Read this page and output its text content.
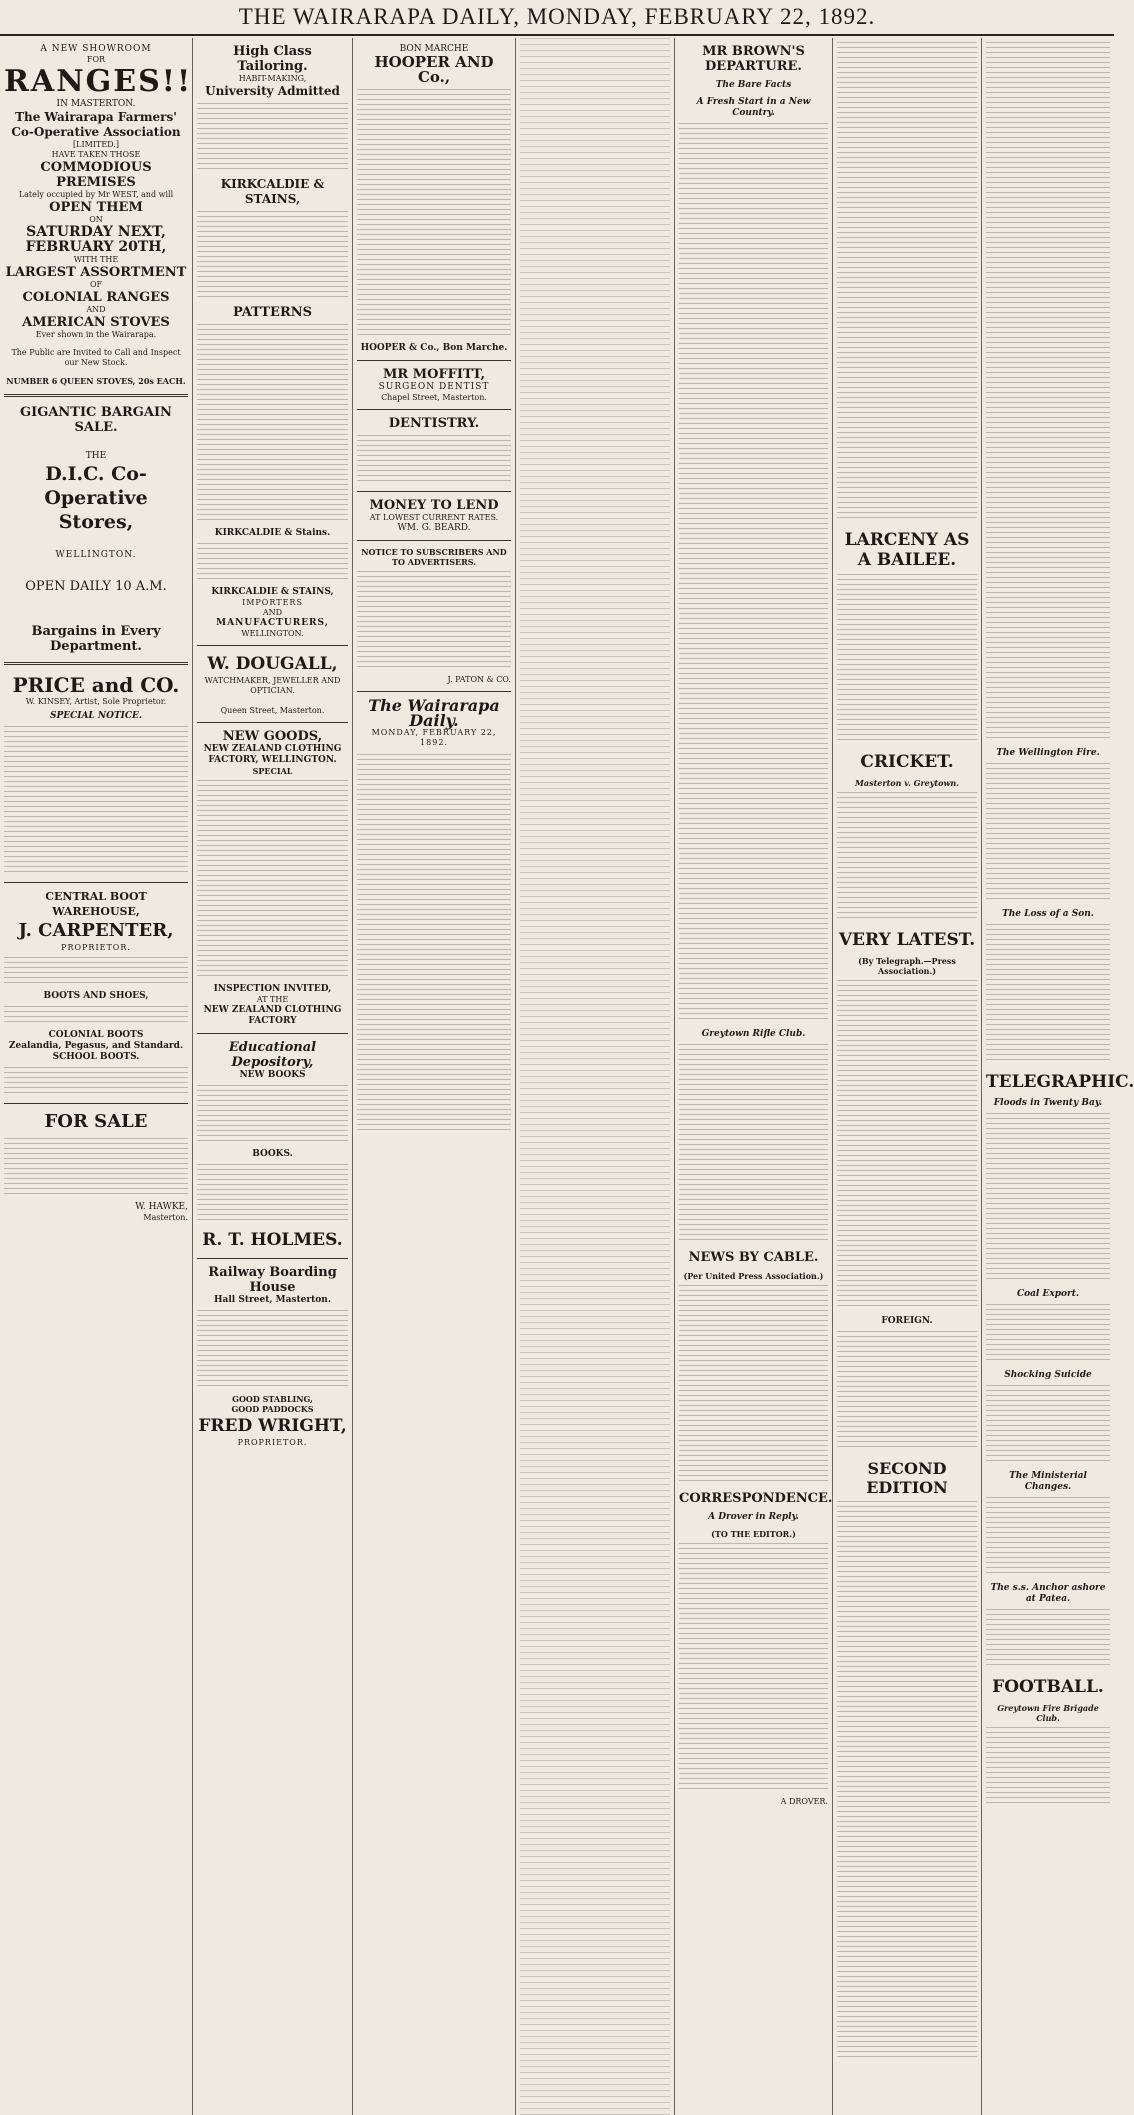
THE WAIRARAPA DAILY, MONDAY, FEBRUARY 22, 1892.
A NEW SHOWROOM
FOR
RANGES!!
IN MASTERTON.
The Wairarapa Farmers' Co-Operative Association
[LIMITED.]
HAVE TAKEN THOSE
COMMODIOUS PREMISES
Lately occupied by Mr WEST, and will
OPEN THEM
ON
SATURDAY NEXT, FEBRUARY 20TH,
WITH THE
LARGEST ASSORTMENT
OF
COLONIAL RANGES
AND
AMERICAN STOVES
Ever shown in the Wairarapa.
The Public are Invited to Call and Inspect our New Stock.
NUMBER 6 QUEEN STOVES, 20s EACH.
GIGANTIC BARGAIN SALE.
THE
D.I.C. Co-Operative Stores,
WELLINGTON.
OPEN DAILY 10 A.M.
Bargains in Every Department.
PRICE and CO.
W. KINSEY, Artist, Sole Proprietor.
SPECIAL NOTICE.
CENTRAL BOOT WAREHOUSE,
J. CARPENTER,
PROPRIETOR.
BOOTS AND SHOES,
COLONIAL BOOTS
Zealandia, Pegasus, and Standard.
SCHOOL BOOTS.
FOR SALE
W. HAWKE,
Masterton.
High Class Tailoring.
HABIT-MAKING,
University Admitted
KIRKCALDIE & STAINS,
PATTERNS
KIRKCALDIE & Stains.
KIRKCALDIE & STAINS,
IMPORTERS
AND
MANUFACTURERS,
WELLINGTON.
W. DOUGALL,
WATCHMAKER, JEWELLER AND OPTICIAN.
Queen Street, Masterton.
NEW GOODS,
NEW ZEALAND CLOTHING FACTORY, WELLINGTON.
SPECIAL
INSPECTION INVITED,
AT THE
NEW ZEALAND CLOTHING FACTORY
Educational Depository,
NEW BOOKS
BOOKS.
R. T. HOLMES.
Railway Boarding House
Hall Street, Masterton.
GOOD STABLING,
GOOD PADDOCKS
FRED WRIGHT,
PROPRIETOR.
BON MARCHE
HOOPER AND Co.,
HOOPER & Co., Bon Marche.
MR MOFFITT,
SURGEON DENTIST
Chapel Street, Masterton.
DENTISTRY.
MONEY TO LEND
AT LOWEST CURRENT RATES.
WM. G. BEARD.
NOTICE TO SUBSCRIBERS AND TO ADVERTISERS.
J. PATON & CO.
The Wairarapa Daily.
MONDAY, FEBRUARY 22, 1892.
MR BROWN'S DEPARTURE.
The Bare Facts
A Fresh Start in a New Country.
Greytown Rifle Club.
NEWS BY CABLE.
(Per United Press Association.)
CORRESPONDENCE.
A Drover in Reply.
(TO THE EDITOR.)
A DROVER.
LARCENY AS A BAILEE.
CRICKET.
Masterton v. Greytown.
VERY LATEST.
(By Telegraph.—Press Association.)
FOREIGN.
SECOND EDITION
The Wellington Fire.
The Loss of a Son.
TELEGRAPHIC.
Floods in Twenty Bay.
Coal Export.
Shocking Suicide
The Ministerial Changes.
The s.s. Anchor ashore at Patea.
FOOTBALL.
Greytown Fire Brigade Club.
